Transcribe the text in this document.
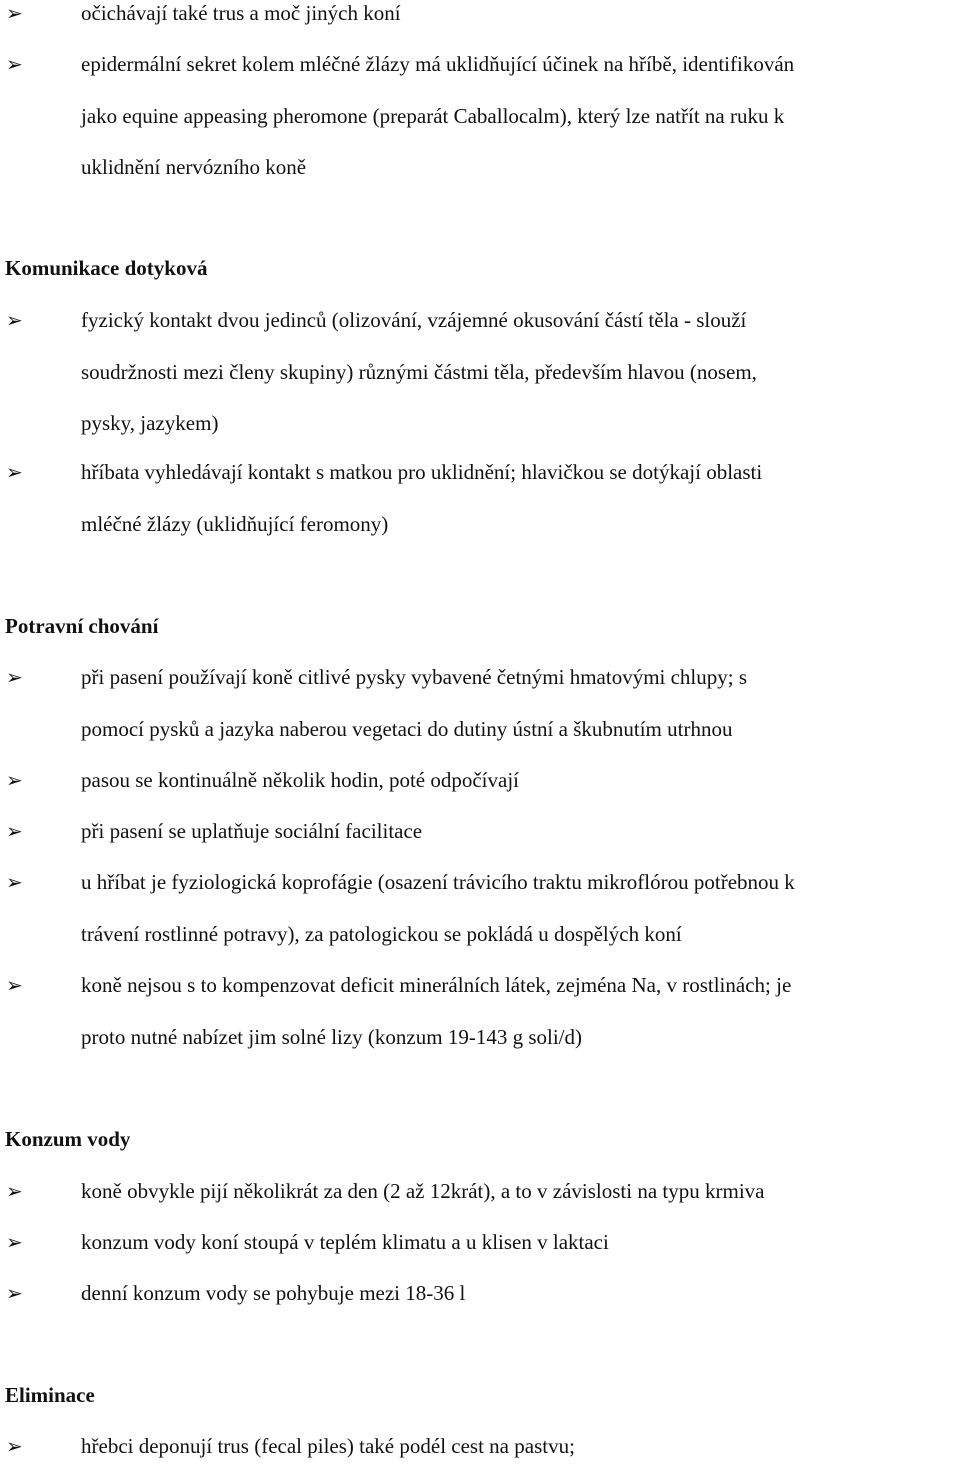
➢	očichávají také trus a moč jiných koní
➢	epidermální sekret kolem mléčné žlázy má uklidňující účinek na hříbě, identifikován
jako equine appeasing pheromone (preparát Caballocalm), který lze natřít na ruku k
uklidnění nervózního koně
Komunikace dotyková
➢	fyzický kontakt dvou jedinců (olizování, vzájemné okusování částí těla - slouží
soudržnosti mezi členy skupiny) různými částmi těla, především hlavou (nosem,
pysky, jazykem)
➢	hříbata vyhledávají kontakt s matkou pro uklidnění; hlavičkou se dotýkají oblasti
mléčné žlázy (uklidňující feromony)
Potravní chování
➢	při pasení používají koně citlivé pysky vybavené četnými hmatovými chlupy; s
pomocí pysků a jazyka naberou vegetaci do dutiny ústní a škubnutím utrhnou
➢	pasou se kontinuálně několik hodin, poté odpočívají
➢	při pasení se uplatňuje sociální facilitace
➢	u hříbat je fyziologická koprofágie (osazení trávicího traktu mikroflórou potřebnou k
trávení rostlinné potravy), za patologickou se pokládá u dospělých koní
➢	koně nejsou s to kompenzovat deficit minerálních látek, zejména Na, v rostlinách; je
proto nutné nabízet jim solné lizy (konzum 19-143 g soli/d)
Konzum vody
➢	koně obvykle pijí několikrát za den (2 až 12krát), a to v závislosti na typu krmiva
➢	konzum vody koní stoupá v teplém klimatu a u klisen v laktaci
➢	denní konzum vody se pohybuje mezi 18-36 l
Eliminace
➢	hřebci deponují trus (fecal piles) také podél cest na pastvu;
